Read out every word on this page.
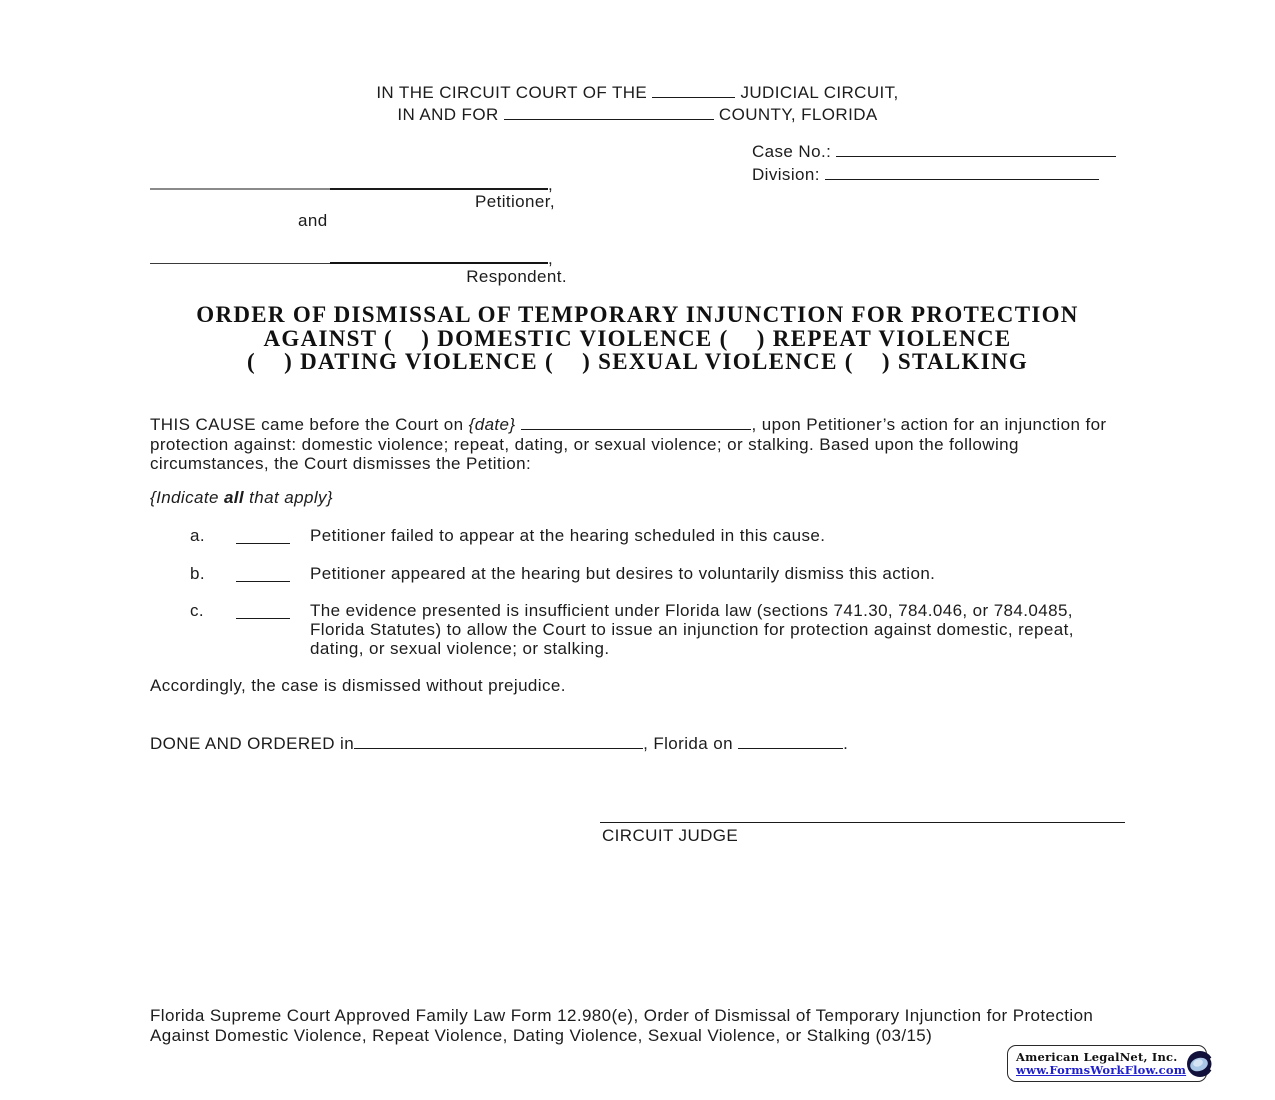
IN THE CIRCUIT COURT OF THE	JUDICIAL CIRCUIT,
IN AND FOR	COUNTY, FLORIDA
Case No.:
Division:
,
Petitioner,
and
,
Respondent.
ORDER OF DISMISSAL OF TEMPORARY INJUNCTION FOR PROTECTION
AGAINST (    ) DOMESTIC VIOLENCE (    ) REPEAT VIOLENCE
(    ) DATING VIOLENCE (    ) SEXUAL VIOLENCE (    ) STALKING
THIS CAUSE came before the Court on {date}	, upon Petitioner’s action for an injunction for protection against: domestic violence; repeat, dating, or sexual violence; or stalking. Based upon the following circumstances, the Court dismisses the Petition:
{Indicate all that apply}
a.	Petitioner failed to appear at the hearing scheduled in this cause.
b.	Petitioner appeared at the hearing but desires to voluntarily dismiss this action.
c.	The evidence presented is insufficient under Florida law (sections 741.30, 784.046, or 784.0485, Florida Statutes) to allow the Court to issue an injunction for protection against domestic, repeat, dating, or sexual violence; or stalking.
Accordingly, the case is dismissed without prejudice.
DONE AND ORDERED in	, Florida on	.
CIRCUIT JUDGE
Florida Supreme Court Approved Family Law Form 12.980(e), Order of Dismissal of Temporary Injunction for Protection Against Domestic Violence, Repeat Violence, Dating Violence, Sexual Violence, or Stalking (03/15)
American LegalNet, Inc.
www.FormsWorkFlow.com
